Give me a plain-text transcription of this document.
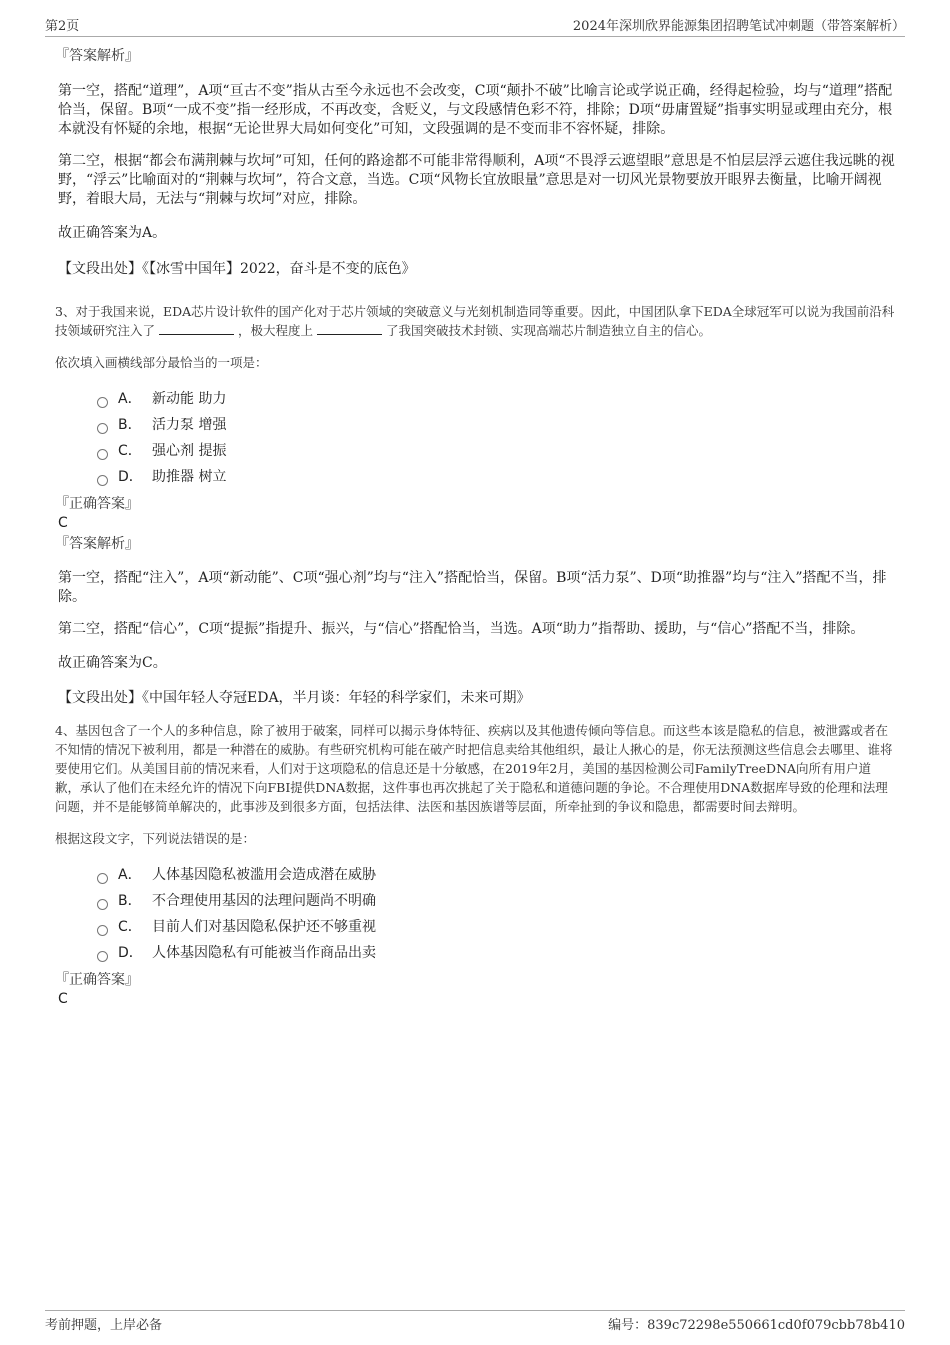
第2页	2024年深圳欣界能源集团招聘笔试冲刺题（带答案解析）

『答案解析』

第一空，搭配“道理”，A项“亘古不变”指从古至今永远也不会改变，C项“颠扑不破”比喻言论或学说正确，经得起检验，均与“道理”搭配恰当，保留。B项“一成不变”指一经形成，不再改变，含贬义，与文段感情色彩不符，排除；D项“毋庸置疑”指事实明显或理由充分，根本就没有怀疑的余地，根据“无论世界大局如何变化”可知，文段强调的是不变而非不容怀疑，排除。

第二空，根据“都会布满荆棘与坎坷”可知，任何的路途都不可能非常得顺利，A项“不畏浮云遮望眼”意思是不怕层层浮云遮住我远眺的视野，“浮云”比喻面对的“荆棘与坎坷”，符合文意，当选。C项“风物长宜放眼量”意思是对一切风光景物要放开眼界去衡量，比喻开阔视野，着眼大局，无法与“荆棘与坎坷”对应，排除。

故正确答案为A。

【文段出处】《【冰雪中国年】2022，奋斗是不变的底色》

3、对于我国来说，EDA芯片设计软件的国产化对于芯片领域的突破意义与光刻机制造同等重要。因此，中国团队拿下EDA全球冠军可以说为我国前沿科技领域研究注入了	，极大程度上	了我国突破技术封锁、实现高端芯片制造独立自主的信心。

依次填入画横线部分最恰当的一项是：

A． 新动能 助力
B． 活力泵 增强
C． 强心剂 提振
D． 助推器 树立

『正确答案』

C

『答案解析』

第一空，搭配“注入”，A项“新动能”、C项“强心剂”均与“注入”搭配恰当，保留。B项“活力泵”、D项“助推器”均与“注入”搭配不当，排除。

第二空，搭配“信心”，C项“提振”指提升、振兴，与“信心”搭配恰当，当选。A项“助力”指帮助、援助，与“信心”搭配不当，排除。

故正确答案为C。

【文段出处】《中国年轻人夺冠EDA，半月谈：年轻的科学家们，未来可期》

4、基因包含了一个人的多种信息，除了被用于破案，同样可以揭示身体特征、疾病以及其他遗传倾向等信息。而这些本该是隐私的信息，被泄露或者在不知情的情况下被利用，都是一种潜在的威胁。有些研究机构可能在破产时把信息卖给其他组织，最让人揪心的是，你无法预测这些信息会去哪里、谁将要使用它们。从美国目前的情况来看，人们对于这项隐私的信息还是十分敏感，在2019年2月，美国的基因检测公司FamilyTreeDNA向所有用户道歉，承认了他们在未经允许的情况下向FBI提供DNA数据，这件事也再次挑起了关于隐私和道德问题的争论。不合理使用DNA数据库导致的伦理和法理问题，并不是能够简单解决的，此事涉及到很多方面，包括法律、法医和基因族谱等层面，所牵扯到的争议和隐患，都需要时间去辩明。

根据这段文字，下列说法错误的是：

A． 人体基因隐私被滥用会造成潜在威胁
B． 不合理使用基因的法理问题尚不明确
C． 目前人们对基因隐私保护还不够重视
D． 人体基因隐私有可能被当作商品出卖

『正确答案』

C

考前押题，上岸必备	编号：839c72298e550661cd0f079cbb78b410
